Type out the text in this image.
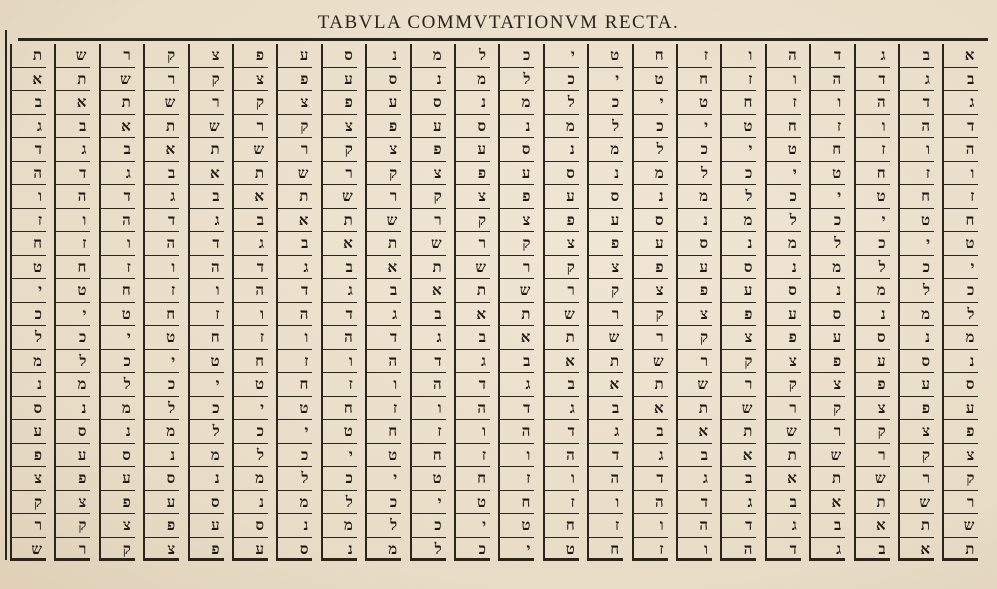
TABVLA COMMVTATIONVM RECTA.
ת
א
ב
ג
ד
ה
ו
ז
ח
ט
י
כ
ל
מ
נ
ס
ע
פ
צ
ק
ר
ש
ש
ת
א
ב
ג
ד
ה
ו
ז
ח
ט
י
כ
ל
מ
נ
ס
ע
פ
צ
ק
ר
ר
ש
ת
א
ב
ג
ד
ה
ו
ז
ח
ט
י
כ
ל
מ
נ
ס
ע
פ
צ
ק
ק
ר
ש
ת
א
ב
ג
ד
ה
ו
ז
ח
ט
י
כ
ל
מ
נ
ס
ע
פ
צ
צ
ק
ר
ש
ת
א
ב
ג
ד
ה
ו
ז
ח
ט
י
כ
ל
מ
נ
ס
ע
פ
פ
צ
ק
ר
ש
ת
א
ב
ג
ד
ה
ו
ז
ח
ט
י
כ
ל
מ
נ
ס
ע
ע
פ
צ
ק
ר
ש
ת
א
ב
ג
ד
ה
ו
ז
ח
ט
י
כ
ל
מ
נ
ס
ס
ע
פ
צ
ק
ר
ש
ת
א
ב
ג
ד
ה
ו
ז
ח
ט
י
כ
ל
מ
נ
נ
ס
ע
פ
צ
ק
ר
ש
ת
א
ב
ג
ד
ה
ו
ז
ח
ט
י
כ
ל
מ
מ
נ
ס
ע
פ
צ
ק
ר
ש
ת
א
ב
ג
ד
ה
ו
ז
ח
ט
י
כ
ל
ל
מ
נ
ס
ע
פ
צ
ק
ר
ש
ת
א
ב
ג
ד
ה
ו
ז
ח
ט
י
כ
כ
ל
מ
נ
ס
ע
פ
צ
ק
ר
ש
ת
א
ב
ג
ד
ה
ו
ז
ח
ט
י
י
כ
ל
מ
נ
ס
ע
פ
צ
ק
ר
ש
ת
א
ב
ג
ד
ה
ו
ז
ח
ט
ט
י
כ
ל
מ
נ
ס
ע
פ
צ
ק
ר
ש
ת
א
ב
ג
ד
ה
ו
ז
ח
ח
ט
י
כ
ל
מ
נ
ס
ע
פ
צ
ק
ר
ש
ת
א
ב
ג
ד
ה
ו
ז
ז
ח
ט
י
כ
ל
מ
נ
ס
ע
פ
צ
ק
ר
ש
ת
א
ב
ג
ד
ה
ו
ו
ז
ח
ט
י
כ
ל
מ
נ
ס
ע
פ
צ
ק
ר
ש
ת
א
ב
ג
ד
ה
ה
ו
ז
ח
ט
י
כ
ל
מ
נ
ס
ע
פ
צ
ק
ר
ש
ת
א
ב
ג
ד
ד
ה
ו
ז
ח
ט
י
כ
ל
מ
נ
ס
ע
פ
צ
ק
ר
ש
ת
א
ב
ג
ג
ד
ה
ו
ז
ח
ט
י
כ
ל
מ
נ
ס
ע
פ
צ
ק
ר
ש
ת
א
ב
ב
ג
ד
ה
ו
ז
ח
ט
י
כ
ל
מ
נ
ס
ע
פ
צ
ק
ר
ש
ת
א
א
ב
ג
ד
ה
ו
ז
ח
ט
י
כ
ל
מ
נ
ס
ע
פ
צ
ק
ר
ש
ת
